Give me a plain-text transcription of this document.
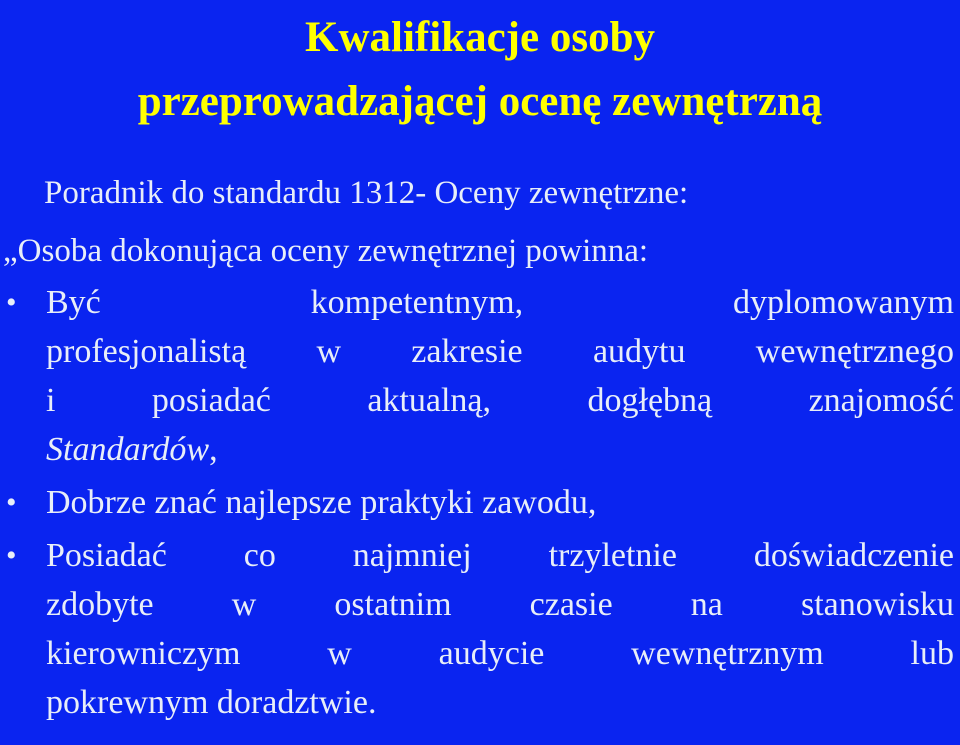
Kwalifikacje osoby
przeprowadzającej ocenę zewnętrzną
Poradnik do standardu 1312- Oceny zewnętrzne:
„Osoba dokonująca oceny zewnętrznej powinna:
• Być kompetentnym, dyplomowanym
profesjonalistą w zakresie audytu wewnętrznego
i posiadać aktualną, dogłębną znajomość
Standardów,
• Dobrze znać najlepsze praktyki zawodu,
• Posiadać co najmniej trzyletnie doświadczenie
zdobyte w ostatnim czasie na stanowisku
kierowniczym w audycie wewnętrznym lub
pokrewnym doradztwie.
